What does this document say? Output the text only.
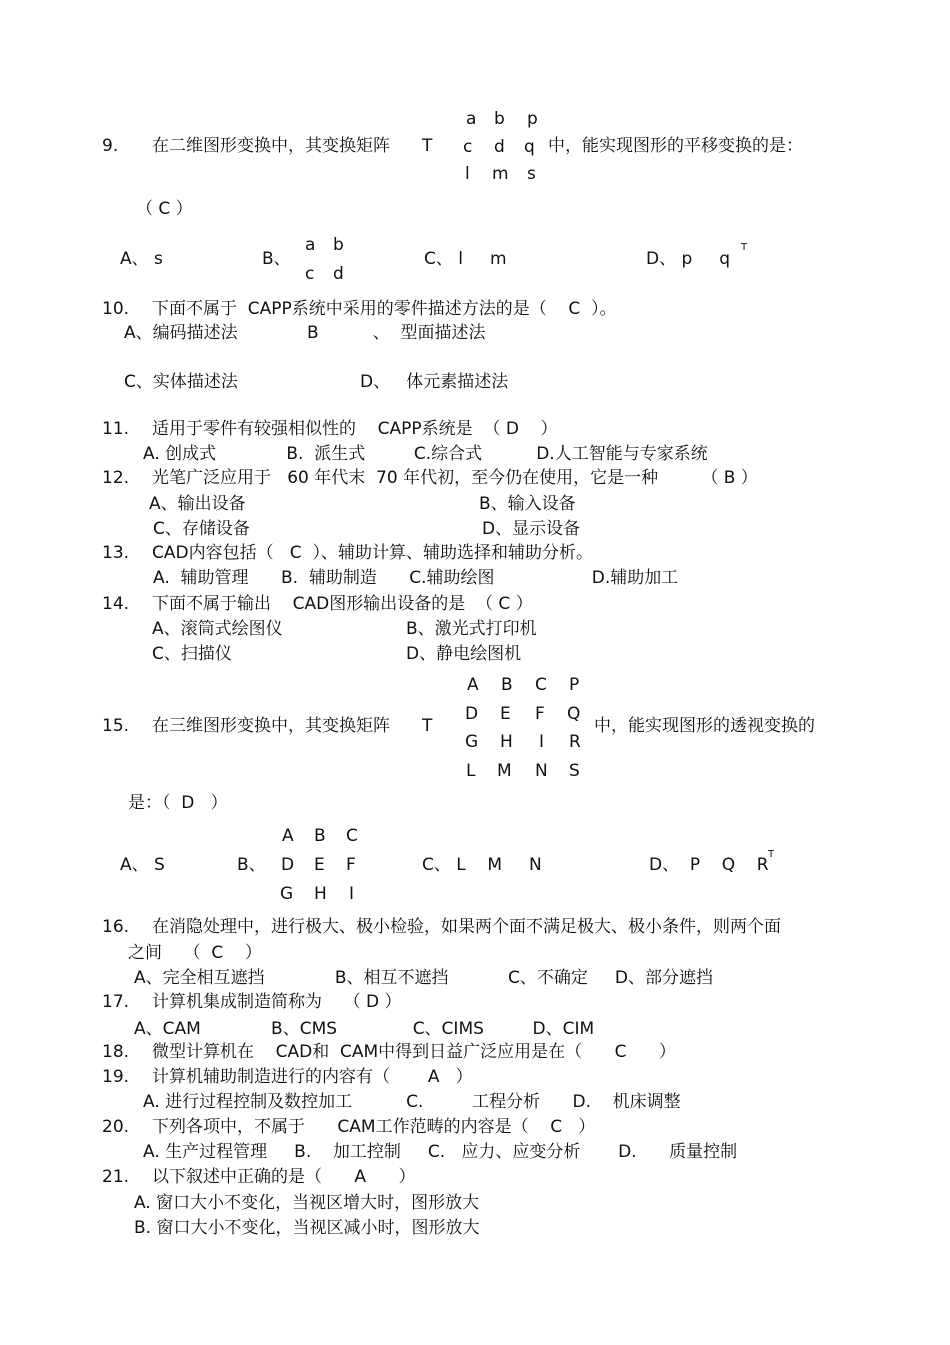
a b p
9. 在二维图形变换中，其变换矩阵 T c d q 中，能实现图形的平移变换的是：
l m s
（ C ）
a b
A、 s	B、	C、 l     m	D、 p     q
T
c d
10. 下面不属于  CAPP系统中采用的零件描述方法的是（    C  ）。
A、编码描述法	B          、  型面描述法
C、实体描述法	D、   体元素描述法
11. 适用于零件有较强相似性的    CAPP系统是  （ D    ）
A. 创成式             B.  派生式         C.综合式          D.人工智能与专家系统
12. 光笔广泛应用于   60 年代末  70 年代初，至今仍在使用，它是一种        （ B ）
A、输出设备	B、输入设备
C、存储设备	D、显示设备
13. CAD内容包括（   C  ）、辅助计算、辅助选择和辅助分析。
A.  辅助管理      B.  辅助制造      C.辅助绘图                  D.辅助加工
14. 下面不属于输出    CAD图形输出设备的是  （ C ）
A、滚筒式绘图仪	B、激光式打印机
C、扫描仪	D、静电绘图机
A B C P
D E F Q
15. 在三维图形变换中，其变换矩阵 T	中，能实现图形的透视变换的
G H I R
L M N S
是：（  D   ）
A B C
A、 S	B、 D E F	C、 L    M     N	D、  P    Q    R
T
G H I
16. 在消隐处理中，进行极大、极小检验，如果两个面不满足极大、极小条件，则两个面
之间    （  C    ）
A、完全相互遮挡             B、相互不遮挡           C、不确定     D、部分遮挡
17. 计算机集成制造简称为    （ D ）
A、CAM             B、CMS              C、CIMS         D、CIM
18. 微型计算机在    CAD和  CAM中得到日益广泛应用是在（      C      ）
19. 计算机辅助制造进行的内容有（       A   ）
A. 进行过程控制及数控加工          C.         工程分析      D.    机床调整
20. 下列各项中，不属于      CAM工作范畴的内容是（    C   ）
A. 生产过程管理     B.    加工控制     C.   应力、应变分析       D.      质量控制
21. 以下叙述中正确的是（      A      ）
A. 窗口大小不变化，当视区增大时，图形放大
B. 窗口大小不变化，当视区减小时，图形放大
